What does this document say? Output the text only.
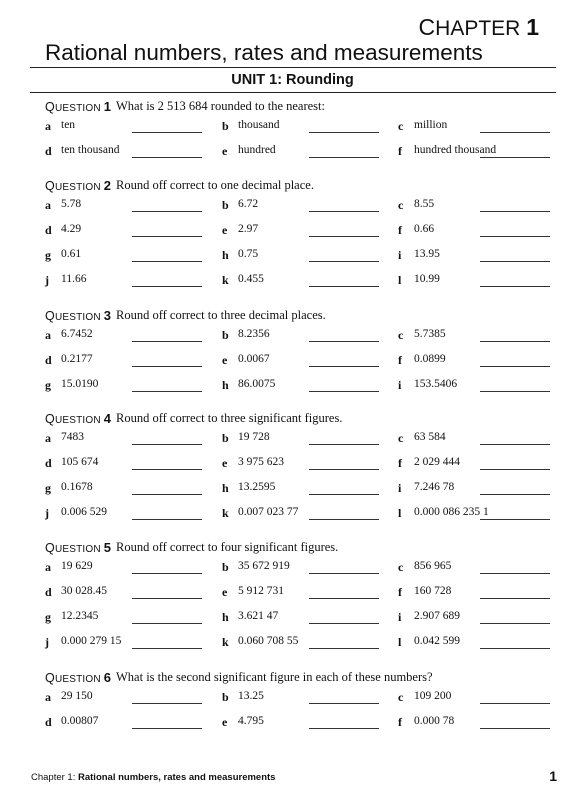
CHAPTER 1
Rational numbers, rates and measurements
UNIT 1: Rounding
QUESTION 1 What is 2 513 684 rounded to the nearest:
a ten	b thousand	c million
d ten thousand	e hundred	f hundred thousand
QUESTION 2 Round off correct to one decimal place.
a 5.78	b 6.72	c 8.55
d 4.29	e 2.97	f 0.66
g 0.61	h 0.75	i 13.95
j 11.66	k 0.455	l 10.99
QUESTION 3 Round off correct to three decimal places.
a 6.7452	b 8.2356	c 5.7385
d 0.2177	e 0.0067	f 0.0899
g 15.0190	h 86.0075	i 153.5406
QUESTION 4 Round off correct to three significant figures.
a 7483	b 19 728	c 63 584
d 105 674	e 3 975 623	f 2 029 444
g 0.1678	h 13.2595	i 7.246 78
j 0.006 529	k 0.007 023 77	l 0.000 086 235 1
QUESTION 5 Round off correct to four significant figures.
a 19 629	b 35 672 919	c 856 965
d 30 028.45	e 5 912 731	f 160 728
g 12.2345	h 3.621 47	i 2.907 689
j 0.000 279 15	k 0.060 708 55	l 0.042 599
QUESTION 6 What is the second significant figure in each of these numbers?
a 29 150	b 13.25	c 109 200
d 0.00807	e 4.795	f 0.000 78
Chapter 1: Rational numbers, rates and measurements	1
